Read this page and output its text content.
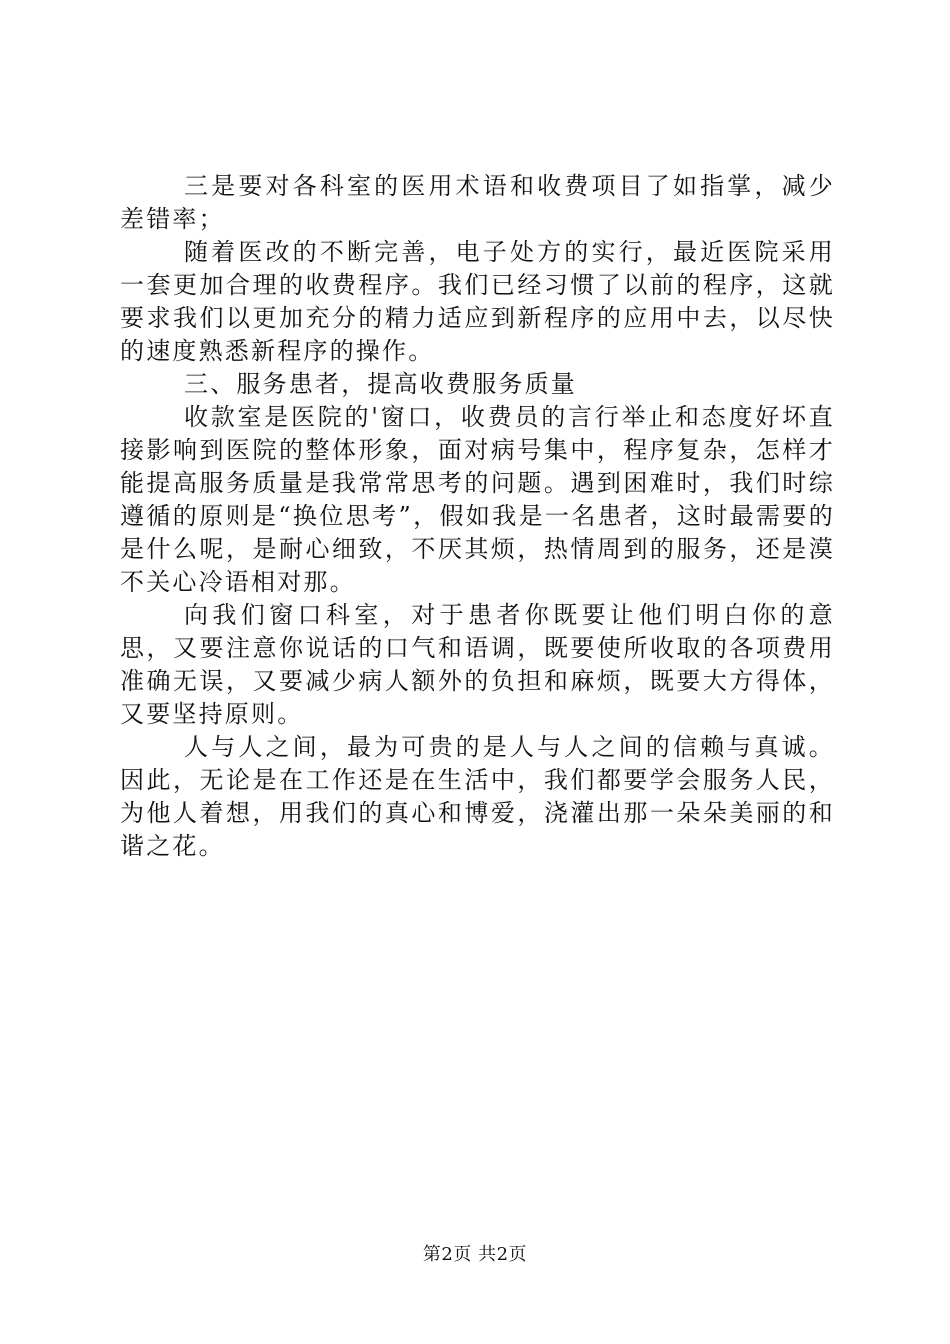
三是要对各科室的医用术语和收费项目了如指掌，减少差错率；

随着医改的不断完善，电子处方的实行，最近医院采用一套更加合理的收费程序。我们已经习惯了以前的程序，这就要求我们以更加充分的精力适应到新程序的应用中去，以尽快的速度熟悉新程序的操作。

三、服务患者，提高收费服务质量

收款室是医院的'窗口，收费员的言行举止和态度好坏直接影响到医院的整体形象，面对病号集中，程序复杂，怎样才能提高服务质量是我常常思考的问题。遇到困难时，我们时综遵循的原则是“换位思考”，假如我是一名患者，这时最需要的是什么呢，是耐心细致，不厌其烦，热情周到的服务，还是漠不关心冷语相对那。

向我们窗口科室，对于患者你既要让他们明白你的意思，又要注意你说话的口气和语调，既要使所收取的各项费用准确无误，又要减少病人额外的负担和麻烦，既要大方得体，又要坚持原则。

人与人之间，最为可贵的是人与人之间的信赖与真诚。因此，无论是在工作还是在生活中，我们都要学会服务人民，为他人着想，用我们的真心和博爱，浇灌出那一朵朵美丽的和谐之花。

第2页 共2页
